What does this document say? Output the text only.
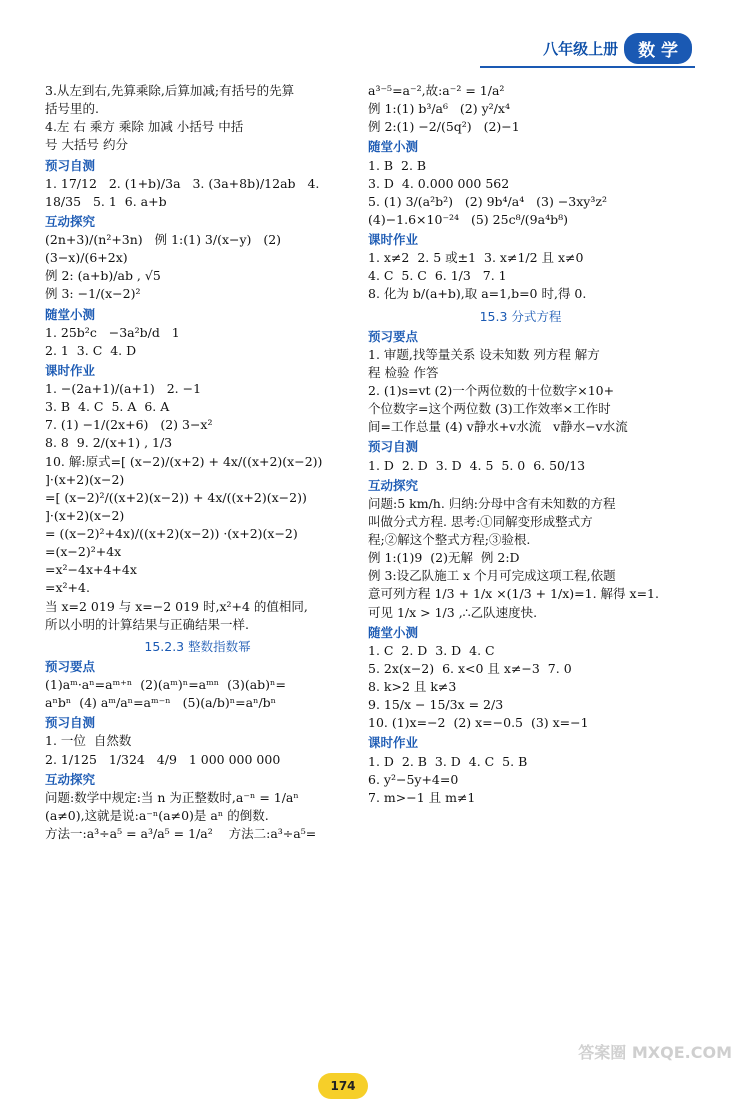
八年级上册	数 学
3.从左到右,先算乘除,后算加减;有括号的先算
括号里的.
4.左 右 乘方 乘除 加减 小括号 中括
号 大括号 约分
预习自测
1. 17/12   2. (1+b)/3a   3. (3a+8b)/12ab   4. 18/35   5. 1  6. a+b
互动探究
(2n+3)/(n²+3n)   例 1:(1) 3/(x−y)   (2) (3−x)/(6+2x)
例 2: (a+b)/ab , √5
例 3: −1/(x−2)²
随堂小测
1. 25b²c   −3a²b/d   1
2. 1  3. C  4. D
课时作业
1. −(2a+1)/(a+1)   2. −1
3. B  4. C  5. A  6. A
7. (1) −1/(2x+6)   (2) 3−x²
8. 8  9. 2/(x+1) , 1/3
10. 解:原式=[ (x−2)/(x+2) + 4x/((x+2)(x−2)) ]·(x+2)(x−2)
=[ (x−2)²/((x+2)(x−2)) + 4x/((x+2)(x−2)) ]·(x+2)(x−2)
= ((x−2)²+4x)/((x+2)(x−2)) ·(x+2)(x−2)
=(x−2)²+4x
=x²−4x+4+4x
=x²+4.
当 x=2 019 与 x=−2 019 时,x²+4 的值相同,
所以小明的计算结果与正确结果一样.
15.2.3 整数指数幂
预习要点
(1)aᵐ·aⁿ=aᵐ⁺ⁿ  (2)(aᵐ)ⁿ=aᵐⁿ  (3)(ab)ⁿ=
aⁿbⁿ  (4) aᵐ/aⁿ=aᵐ⁻ⁿ   (5)(a/b)ⁿ=aⁿ/bⁿ
预习自测
1. 一位  自然数
2. 1/125   1/324   4/9   1 000 000 000
互动探究
问题:数学中规定:当 n 为正整数时,a⁻ⁿ = 1/aⁿ
(a≠0),这就是说:a⁻ⁿ(a≠0)是 aⁿ 的倒数.
方法一:a³÷a⁵ = a³/a⁵ = 1/a²    方法二:a³÷a⁵=
a³⁻⁵=a⁻²,故:a⁻² = 1/a²
例 1:(1) b³/a⁶   (2) y²/x⁴
例 2:(1) −2/(5q²)   (2)−1
随堂小测
1. B  2. B
3. D  4. 0.000 000 562
5. (1) 3/(a²b²)   (2) 9b⁴/a⁴   (3) −3xy³z²
(4)−1.6×10⁻²⁴   (5) 25c⁸/(9a⁴b⁸)
课时作业
1. x≠2  2. 5 或±1  3. x≠1/2 且 x≠0
4. C  5. C  6. 1/3   7. 1
8. 化为 b/(a+b),取 a=1,b=0 时,得 0.
15.3 分式方程
预习要点
1. 审题,找等量关系 设未知数 列方程 解方
程 检验 作答
2. (1)s=vt (2)一个两位数的十位数字×10+
个位数字=这个两位数 (3)工作效率×工作时
间=工作总量 (4) v静水+v水流   v静水−v水流
预习自测
1. D  2. D  3. D  4. 5  5. 0  6. 50/13
互动探究
问题:5 km/h. 归纳:分母中含有未知数的方程
叫做分式方程. 思考:①同解变形成整式方
程;②解这个整式方程;③验根.
例 1:(1)9  (2)无解  例 2:D
例 3:设乙队施工 x 个月可完成这项工程,依题
意可列方程 1/3 + 1/x ×(1/3 + 1/x)=1. 解得 x=1.
可见 1/x > 1/3 ,∴乙队速度快.
随堂小测
1. C  2. D  3. D  4. C
5. 2x(x−2)  6. x<0 且 x≠−3  7. 0
8. k>2 且 k≠3
9. 15/x − 15/3x = 2/3
10. (1)x=−2  (2) x=−0.5  (3) x=−1
课时作业
1. D  2. B  3. D  4. C  5. B
6. y²−5y+4=0
7. m>−1 且 m≠1
答案圈 MXQE.COM
174
